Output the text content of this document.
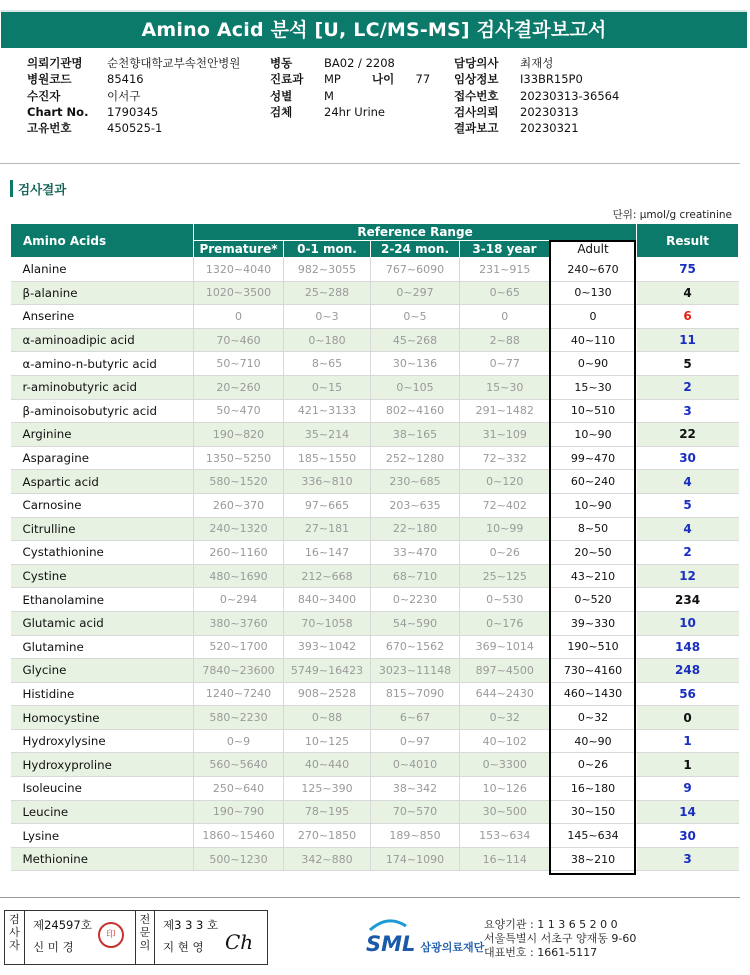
Amino Acid 분석 [U, LC/MS-MS] 검사결과보고서
의뢰기관명 순천향대학교부속천안병원
병원코드	85416
수진자	이서구
Chart No. 1790345
고유번호	450525-1
병동	BA02 / 2208
진료과 MP
성별	M
검체	24hr Urine
담당의사 최재성
임상정보 I33BR15P0
접수번호 20230313-36564
검사의뢰 20230313
결과보고 20230321
나이 77
검사결과
단위: μmol/g creatinine
Amino Acids	Reference Range					Result
	Premature*	0-1 mon.	2-24 mon.	3-18 year	Adult	
Alanine	1320~4040	982~3055	767~6090	231~915	240~670	75
β-alanine	1020~3500	25~288	0~297	0~65	0~130	4
Anserine	0	0~3	0~5	0	0	6
α-aminoadipic acid	70~460	0~180	45~268	2~88	40~110	11
α-amino-n-butyric acid	50~710	8~65	30~136	0~77	0~90	5
r-aminobutyric acid	20~260	0~15	0~105	15~30	15~30	2
β-aminoisobutyric acid	50~470	421~3133	802~4160	291~1482	10~510	3
Arginine	190~820	35~214	38~165	31~109	10~90	22
Asparagine	1350~5250	185~1550	252~1280	72~332	99~470	30
Aspartic acid	580~1520	336~810	230~685	0~120	60~240	4
Carnosine	260~370	97~665	203~635	72~402	10~90	5
Citrulline	240~1320	27~181	22~180	10~99	8~50	4
Cystathionine	260~1160	16~147	33~470	0~26	20~50	2
Cystine	480~1690	212~668	68~710	25~125	43~210	12
Ethanolamine	0~294	840~3400	0~2230	0~530	0~520	234
Glutamic acid	380~3760	70~1058	54~590	0~176	39~330	10
Glutamine	520~1700	393~1042	670~1562	369~1014	190~510	148
Glycine	7840~23600	5749~16423	3023~11148	897~4500	730~4160	248
Histidine	1240~7240	908~2528	815~7090	644~2430	460~1430	56
Homocystine	580~2230	0~88	6~67	0~32	0~32	0
Hydroxylysine	0~9	10~125	0~97	40~102	40~90	1
Hydroxyproline	560~5640	40~440	0~4010	0~3300	0~26	1
Isoleucine	250~640	125~390	38~342	10~126	16~180	9
Leucine	190~790	78~195	70~570	30~500	30~150	14
Lysine	1860~15460	270~1850	189~850	153~634	145~634	30
Methionine	500~1230	342~880	174~1090	16~114	38~210	3
검
사
자
제24597호
신 미 경
전
문
의
제3 3 3 호
지 현 영 Ch
印	SML 삼광의료재단
요양기관 : 1 1 3 6 5 2 0 0
서울특별시 서초구 양재동 9-60
대표번호 : 1661-5117
